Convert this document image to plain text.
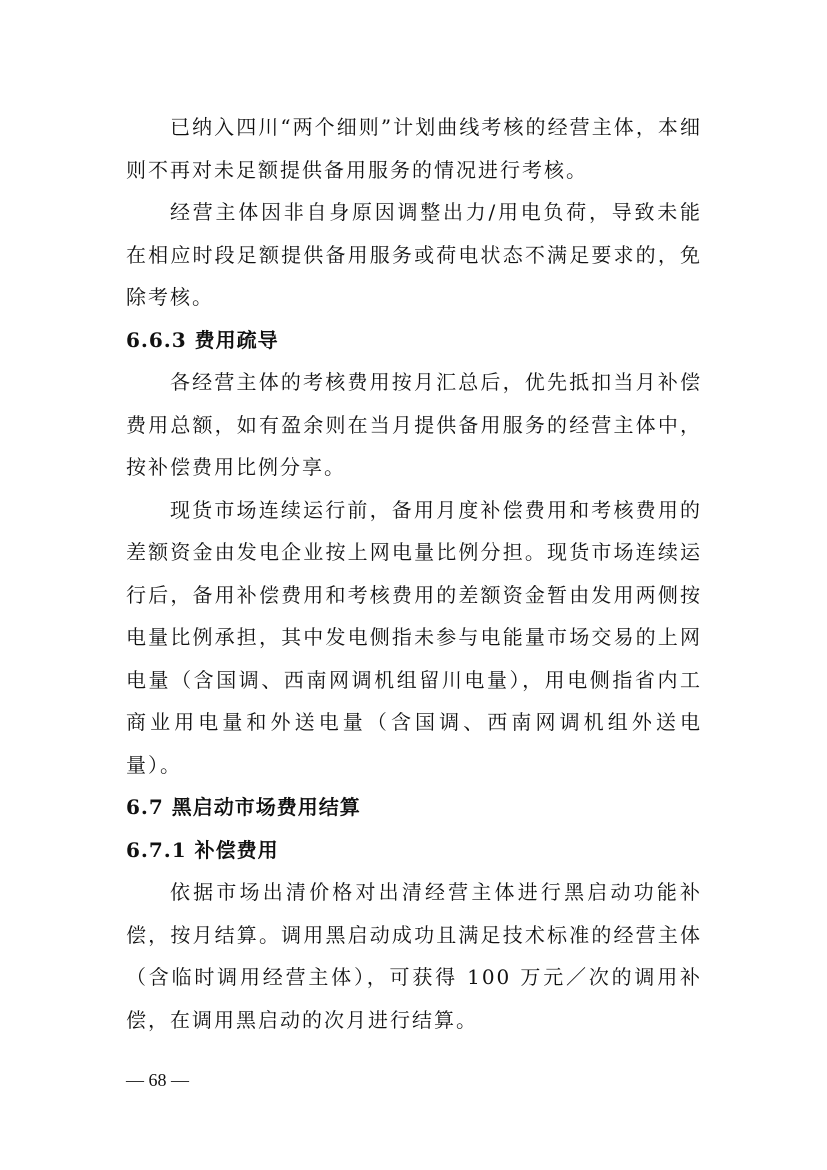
已纳入四川“两个细则”计划曲线考核的经营主体，本细则不再对未足额提供备用服务的情况进行考核。

经营主体因非自身原因调整出力/用电负荷，导致未能在相应时段足额提供备用服务或荷电状态不满足要求的，免除考核。

6.6.3 费用疏导

各经营主体的考核费用按月汇总后，优先抵扣当月补偿费用总额，如有盈余则在当月提供备用服务的经营主体中，按补偿费用比例分享。

现货市场连续运行前，备用月度补偿费用和考核费用的差额资金由发电企业按上网电量比例分担。现货市场连续运行后，备用补偿费用和考核费用的差额资金暂由发用两侧按电量比例承担，其中发电侧指未参与电能量市场交易的上网电量（含国调、西南网调机组留川电量），用电侧指省内工商业用电量和外送电量（含国调、西南网调机组外送电量）。

6.7 黑启动市场费用结算

6.7.1 补偿费用

依据市场出清价格对出清经营主体进行黑启动功能补偿，按月结算。调用黑启动成功且满足技术标准的经营主体（含临时调用经营主体），可获得 100 万元／次的调用补偿，在调用黑启动的次月进行结算。

— 68 —
